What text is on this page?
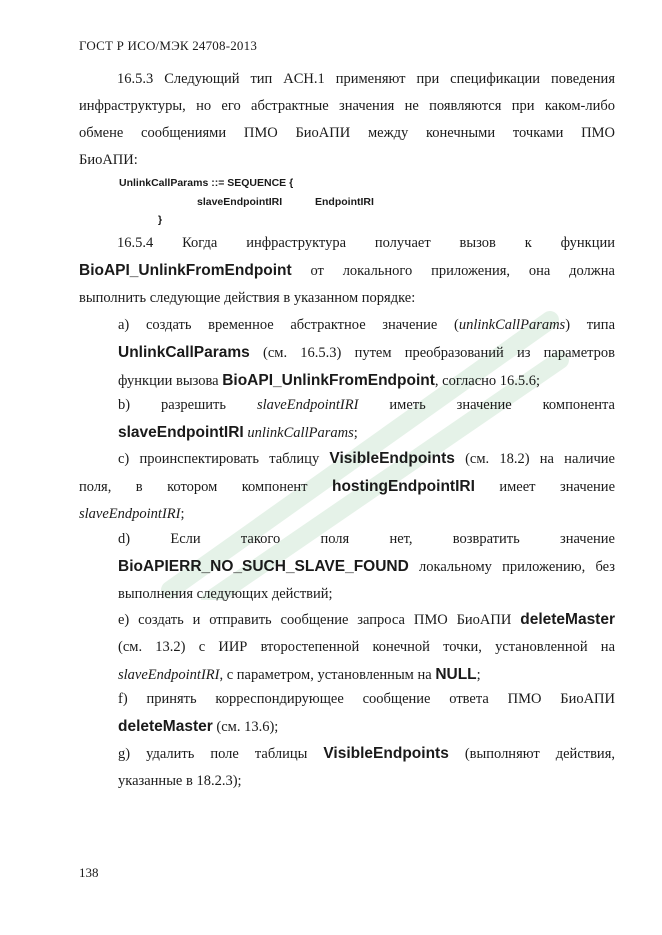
ГОСТ Р ИСО/МЭК 24708-2013
16.5.3 Следующий тип ACH.1 применяют при спецификации поведения
инфраструктуры, но его абстрактные значения не появляются при каком-либо
обмене сообщениями ПМО БиоАПИ между конечными точками ПМО
БиоАПИ:
UnlinkCallParams ::= SEQUENCE {
slaveEndpointIRI	EndpointIRI
}
16.5.4 Когда инфраструктура получает вызов к функции
BioAPI_UnlinkFromEndpoint от локального приложения, она должна
выполнить следующие действия в указанном порядке:
а) создать временное абстрактное значение (unlinkCallParams) типа
UnlinkCallParams (см. 16.5.3) путем преобразований из параметров
функции вызова BioAPI_UnlinkFromEndpoint, согласно 16.5.6;
b) разрешить slaveEndpointIRI иметь значение компонента
slaveEndpointIRI unlinkCallParams;
с) проинспектировать таблицу VisibleEndpoints (см. 18.2) на наличие
поля, в котором компонент hostingEndpointIRI имеет значение
slaveEndpointIRI;
d) Если такого поля нет, возвратить значение
BioAPIERR_NO_SUCH_SLAVE_FOUND локальному приложению, без
выполнения следующих действий;
е) создать и отправить сообщение запроса ПМО БиоАПИ deleteMaster
(см. 13.2) с ИИР второстепенной конечной точки, установленной на
slaveEndpointIRI, с параметром, установленным на NULL;
f) принять корреспондирующее сообщение ответа ПМО БиоАПИ
deleteMaster (см. 13.6);
g) удалить поле таблицы VisibleEndpoints (выполняют действия,
указанные в 18.2.3);
138
